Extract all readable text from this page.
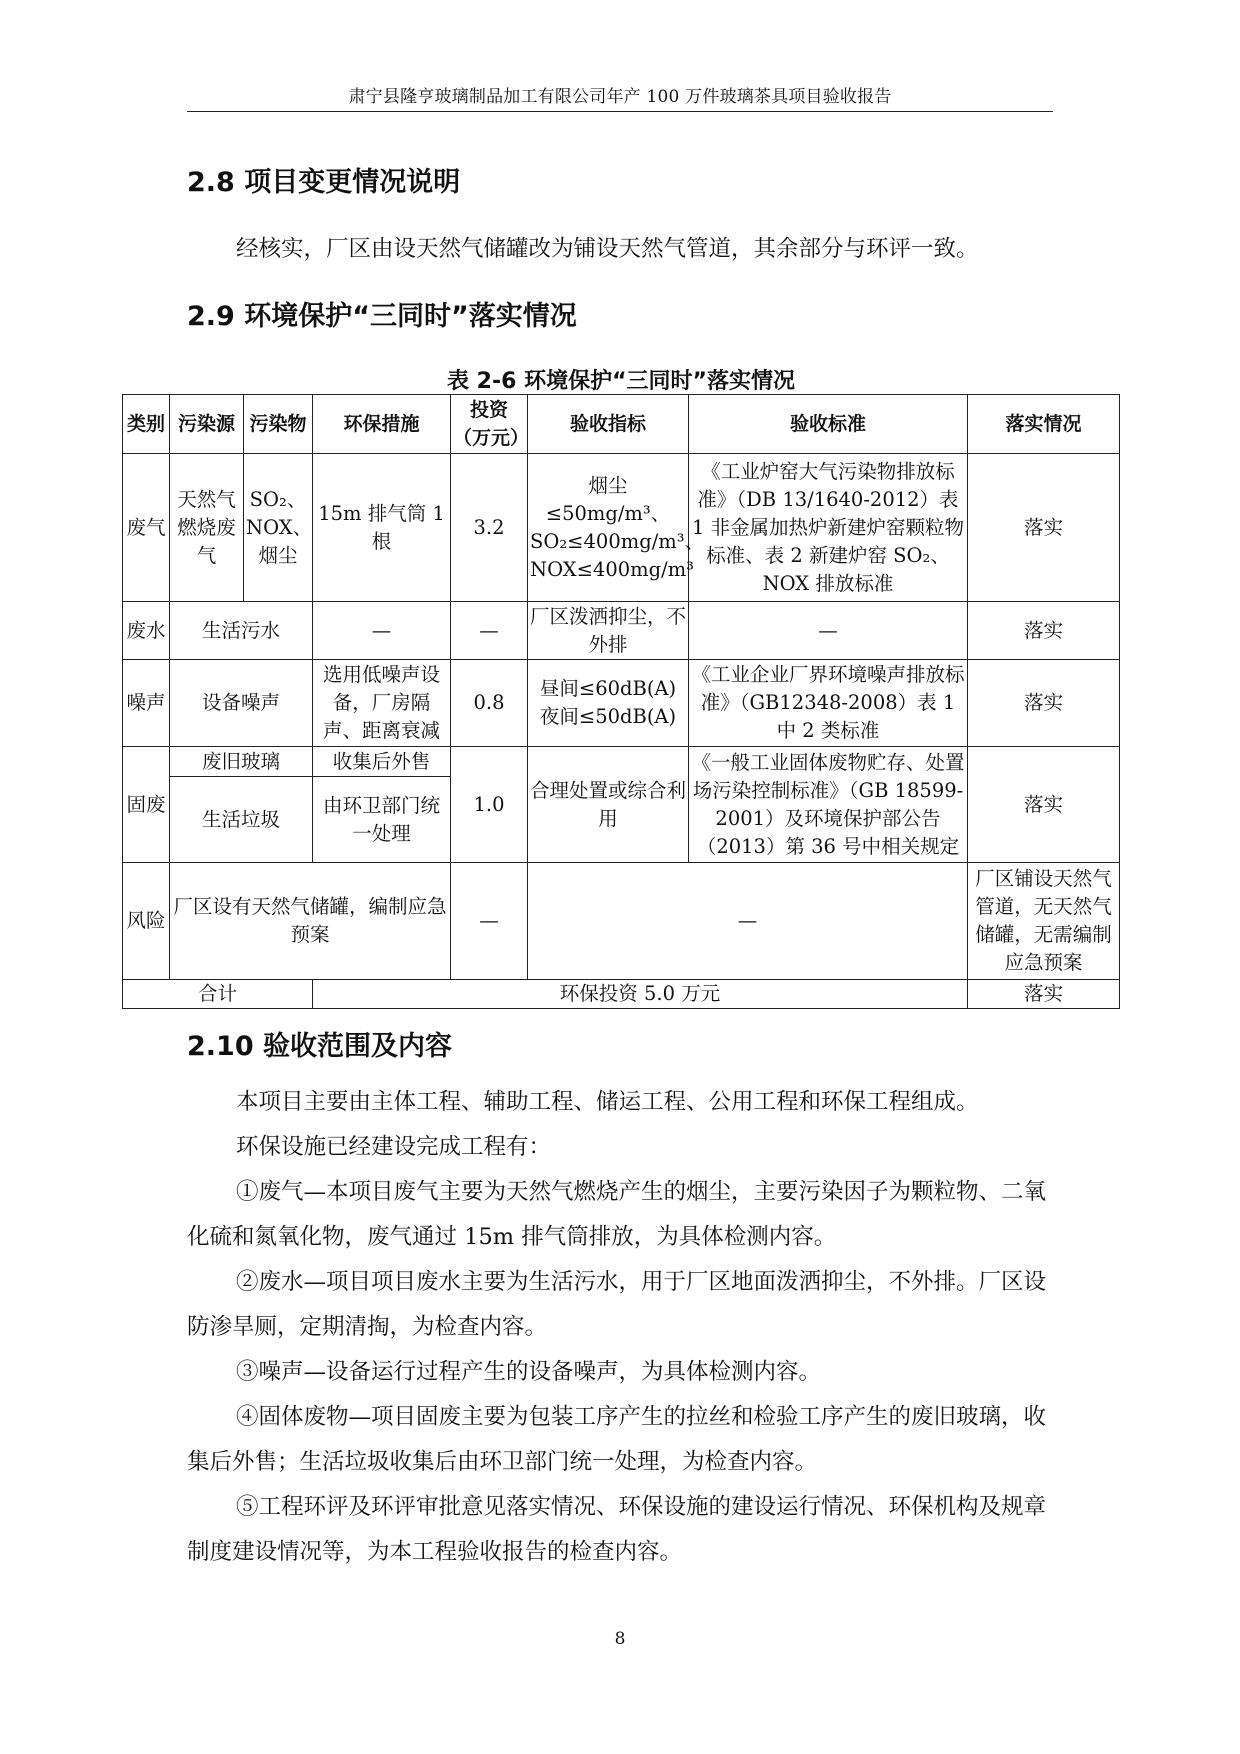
肃宁县隆亨玻璃制品加工有限公司年产 100 万件玻璃茶具项目验收报告
2.8 项目变更情况说明
经核实，厂区由设天然气储罐改为铺设天然气管道，其余部分与环评一致。
2.9 环境保护“三同时”落实情况
表 2-6 环境保护“三同时”落实情况
类别	污染源	污染物	环保措施	投资（万元）	验收指标	验收标准	落实情况
废气	天然气燃烧废气	SO₂、NOX、烟尘	15m 排气筒 1 根	3.2	烟尘≤50mg/m³、SO₂≤400mg/m³、NOX≤400mg/m³	《工业炉窑大气污染物排放标准》（DB 13/1640-2012）表 1 非金属加热炉新建炉窑颗粒物标准、表 2 新建炉窑 SO₂、NOX 排放标准	落实
废水	生活污水		—	—	厂区泼洒抑尘，不外排	—	落实
噪声	设备噪声		选用低噪声设备，厂房隔声、距离衰减	0.8	昼间≤60dB(A) 夜间≤50dB(A)	《工业企业厂界环境噪声排放标准》（GB12348-2008）表 1 中 2 类标准	落实
固废	废旧玻璃		收集后外售	1.0	合理处置或综合利用	《一般工业固体废物贮存、处置场污染控制标准》（GB 18599-2001）及环境保护部公告（2013）第 36 号中相关规定	落实
	生活垃圾		由环卫部门统一处理				
风险	厂区设有天然气储罐，编制应急预案			—	—		厂区铺设天然气管道，无天然气储罐，无需编制应急预案
合计			环保投资 5.0 万元				落实
2.10 验收范围及内容
本项目主要由主体工程、辅助工程、储运工程、公用工程和环保工程组成。
环保设施已经建设完成工程有：
①废气—本项目废气主要为天然气燃烧产生的烟尘，主要污染因子为颗粒物、二氧化硫和氮氧化物，废气通过 15m 排气筒排放，为具体检测内容。
②废水—项目项目废水主要为生活污水，用于厂区地面泼洒抑尘，不外排。厂区设防渗旱厕，定期清掏，为检查内容。
③噪声—设备运行过程产生的设备噪声，为具体检测内容。
④固体废物—项目固废主要为包装工序产生的拉丝和检验工序产生的废旧玻璃，收集后外售；生活垃圾收集后由环卫部门统一处理，为检查内容。
⑤工程环评及环评审批意见落实情况、环保设施的建设运行情况、环保机构及规章制度建设情况等，为本工程验收报告的检查内容。
8
